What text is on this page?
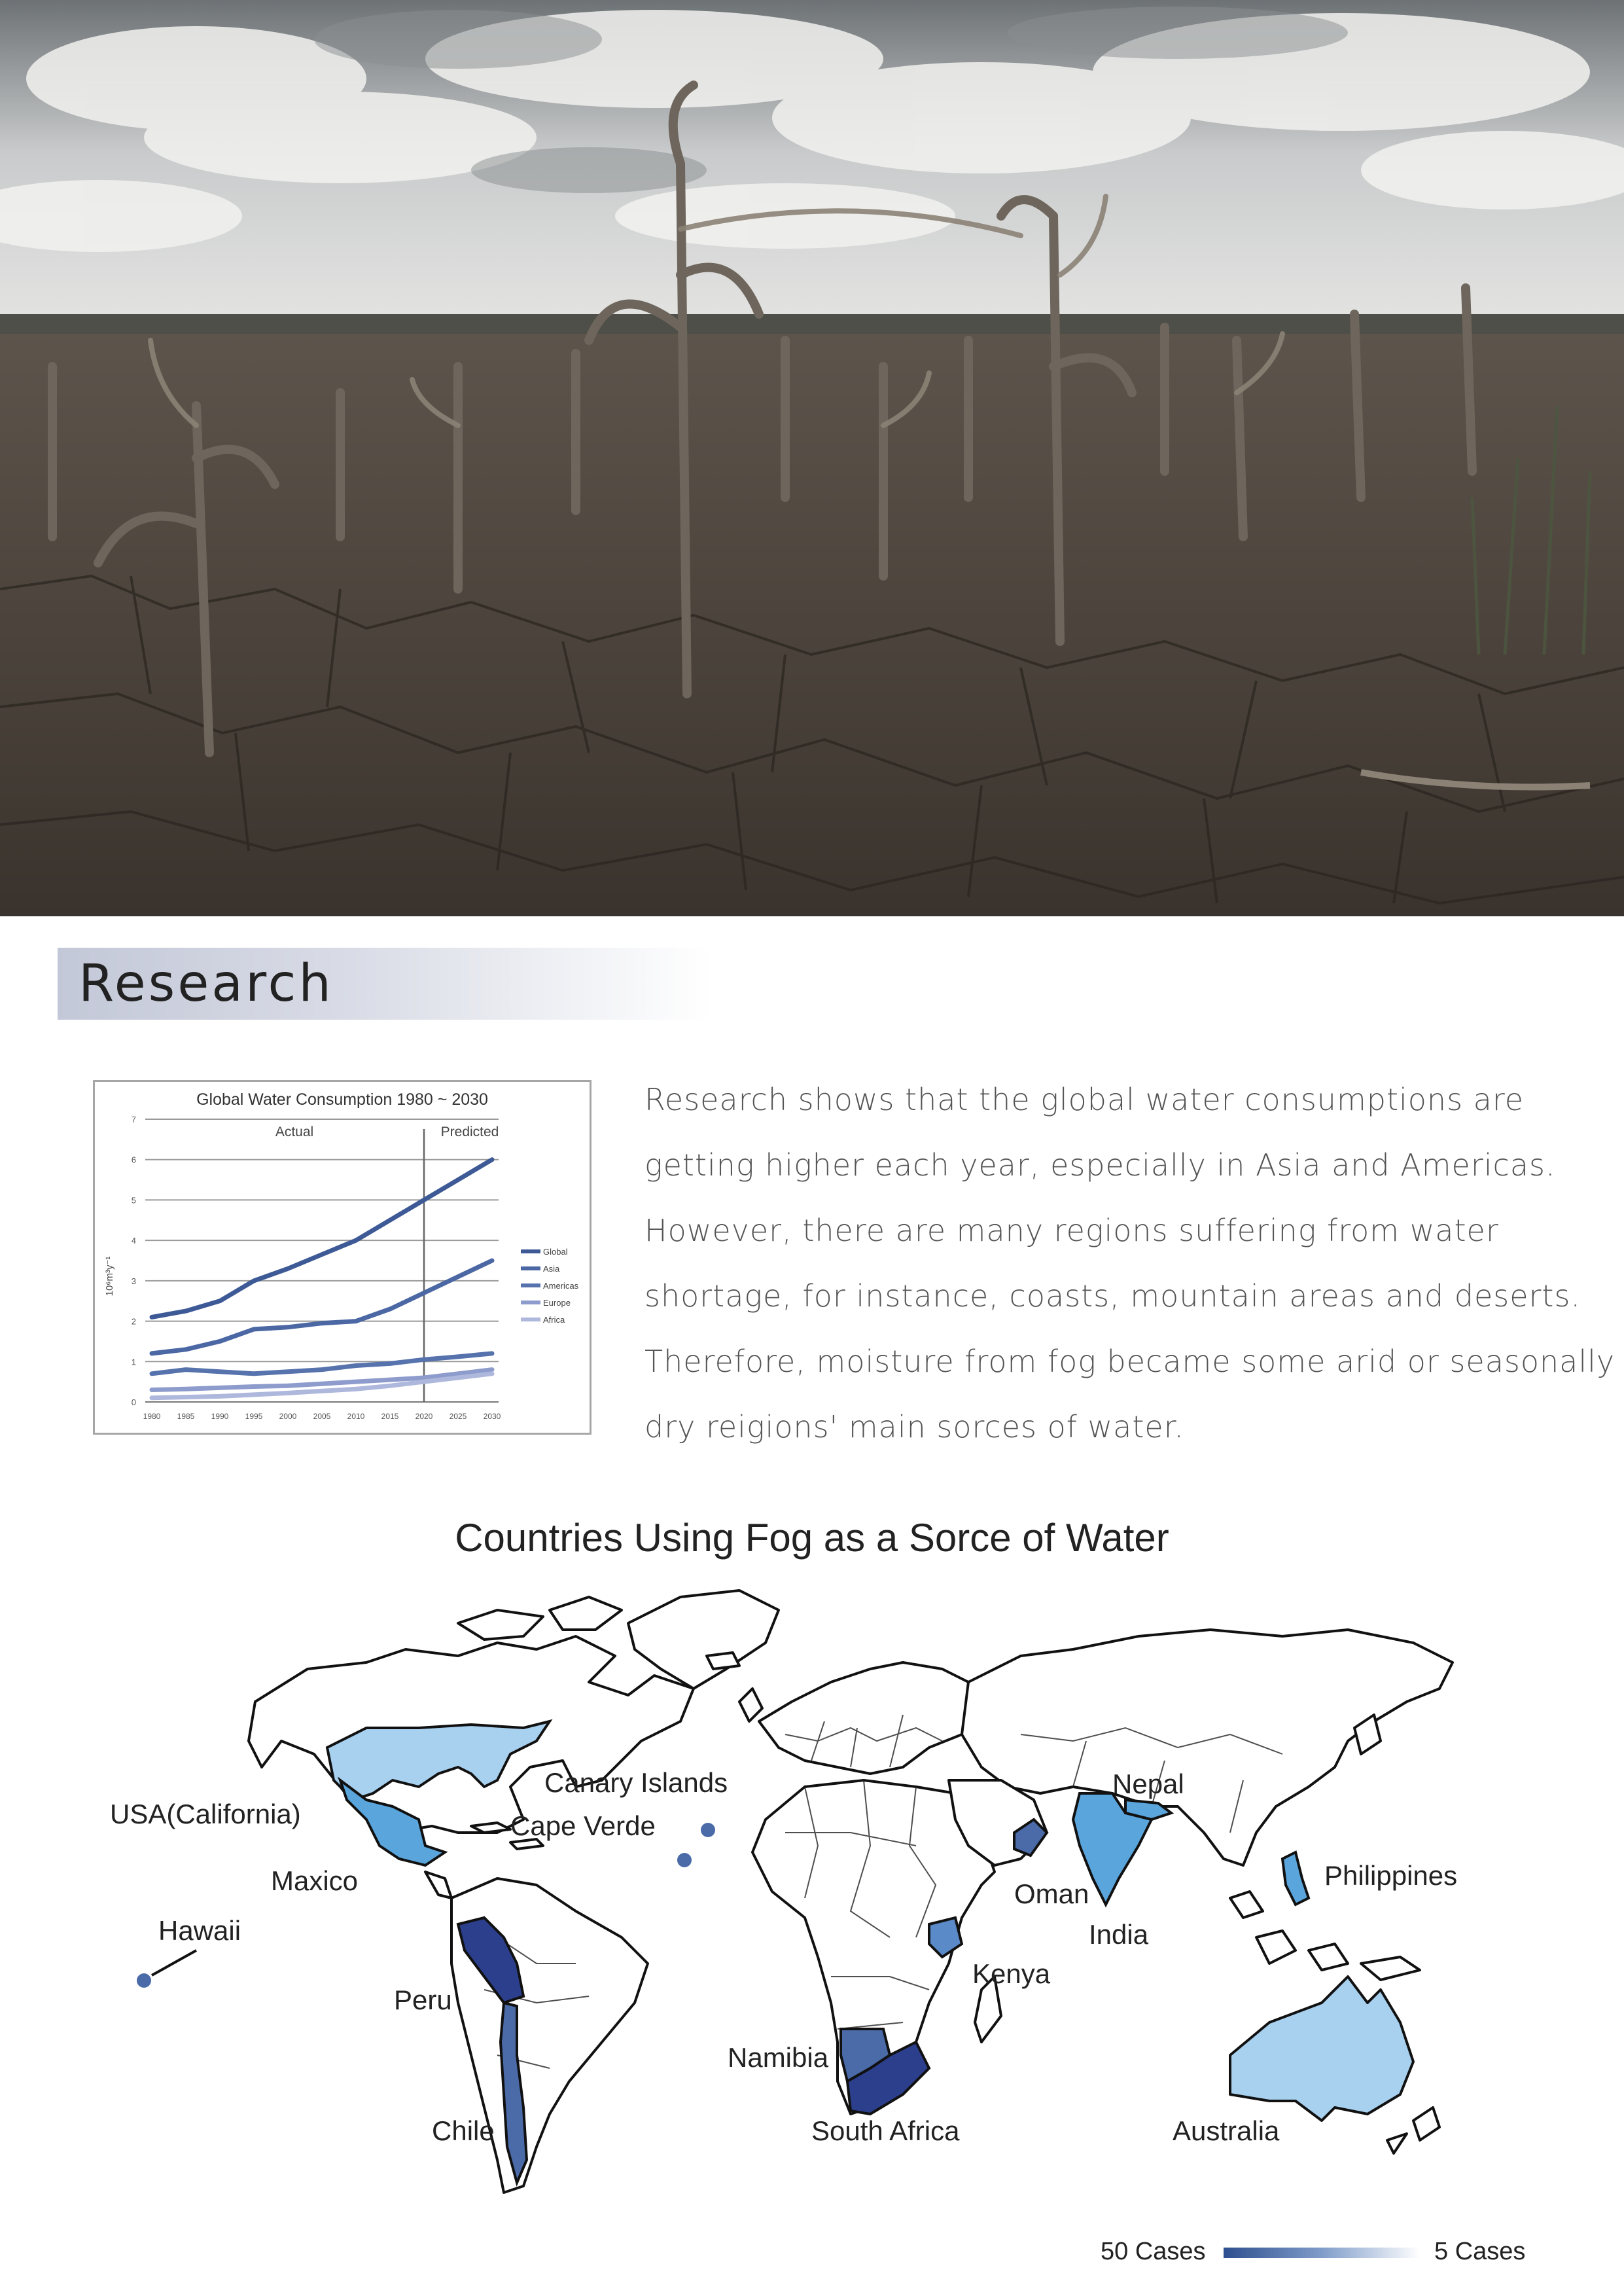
Research
Global Water Consumption 1980 ~ 2030
Actual	Predicted
10⁶m³y⁻¹
0
1
2
3
4
5
6
7
1980 1985 1990 1995 2000 2005 2010 2015 2020 2025 2030
Global
Asia
Americas
Europe
Africa
Research shows that the global water consumptions are
getting higher each year, especially in Asia and Americas.
However, there are many regions suffering from water
shortage, for instance, coasts, mountain areas and deserts.
Therefore, moisture from fog became some arid or seasonally
dry reigions' main sorces of water.
Countries Using Fog as a Sorce of Water
USA(California)
Maxico
Hawaii
Peru
Chile
Canary Islands
Cape Verde
Namibia
South Africa
Kenya
Oman
Nepal
India
Philippines
Australia
50 Cases	5 Cases
